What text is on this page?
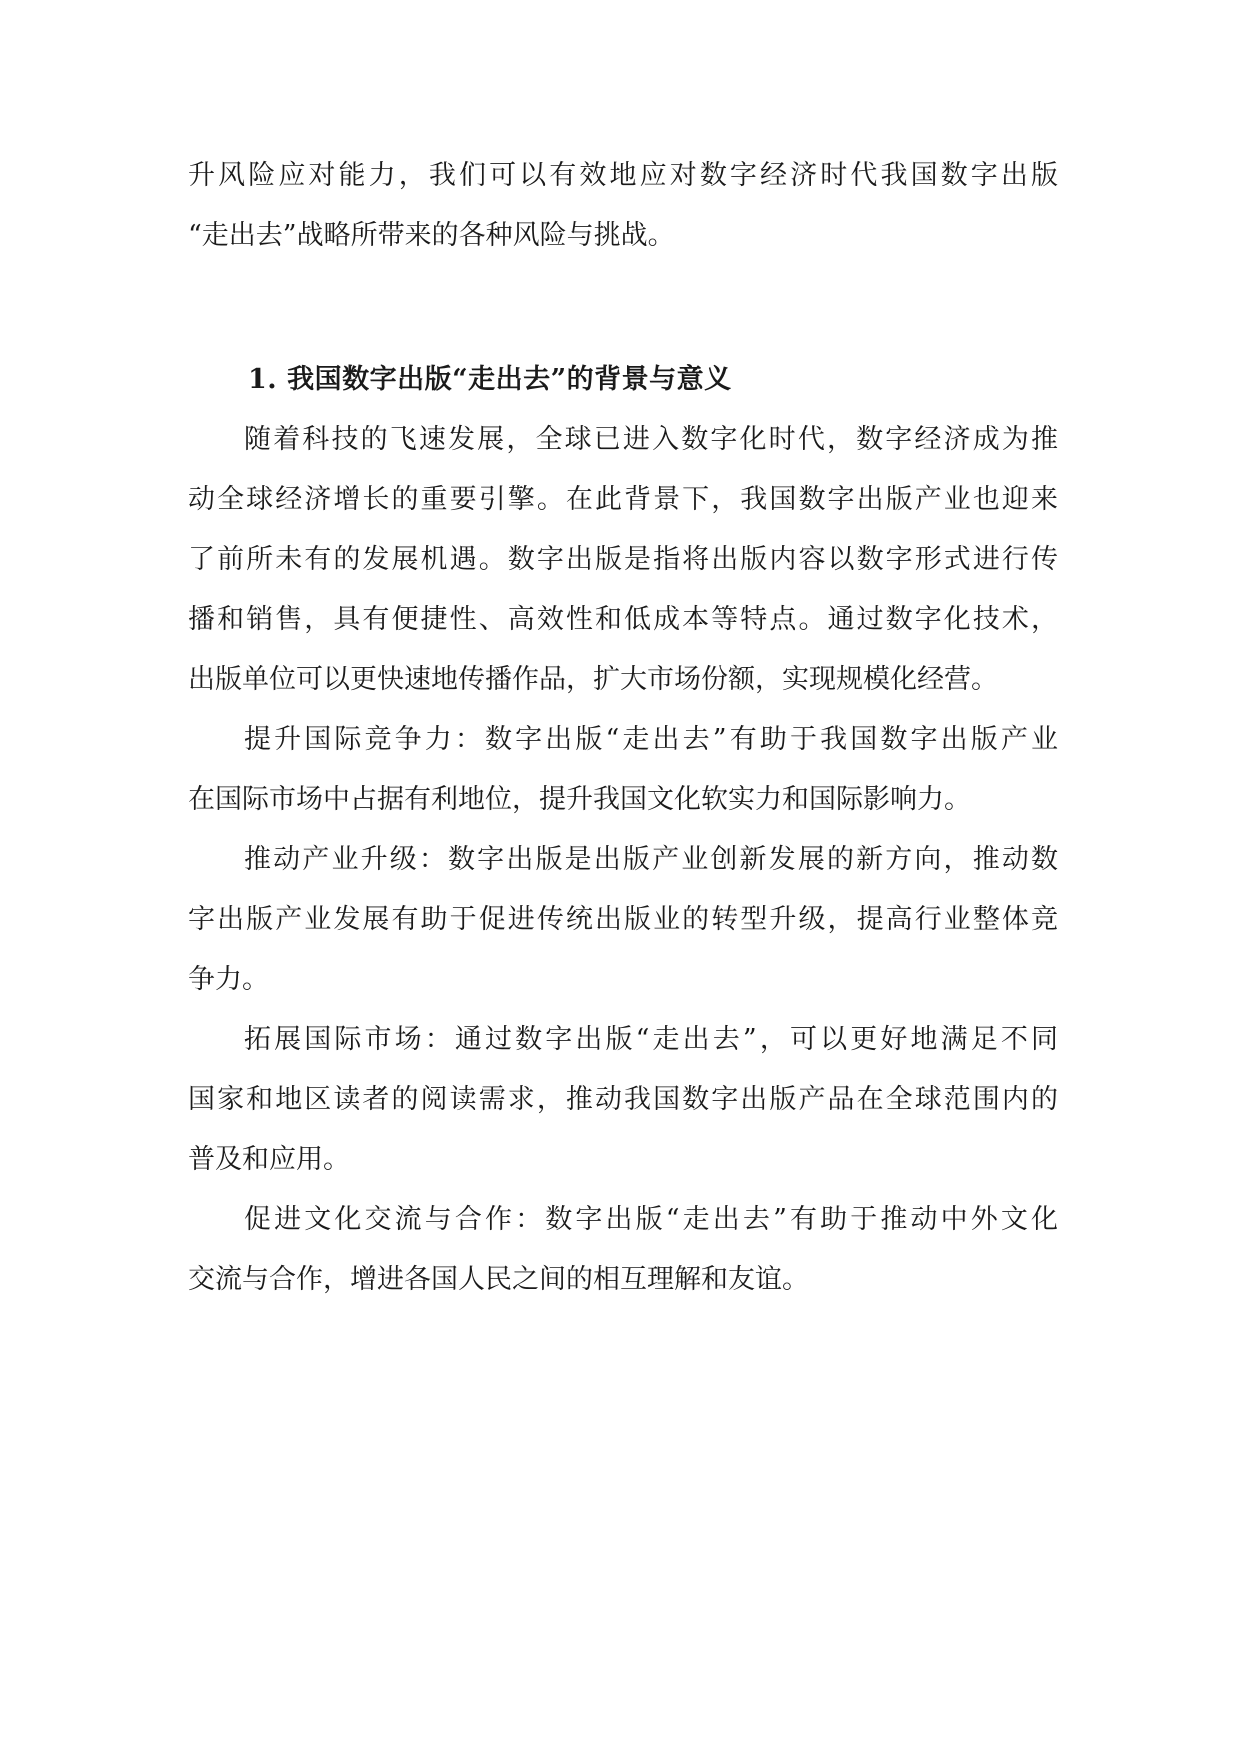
升风险应对能力，我们可以有效地应对数字经济时代我国数字出版
“走出去”战略所带来的各种风险与挑战。
1. 我国数字出版“走出去”的背景与意义
随着科技的飞速发展，全球已进入数字化时代，数字经济成为推
动全球经济增长的重要引擎。在此背景下，我国数字出版产业也迎来
了前所未有的发展机遇。数字出版是指将出版内容以数字形式进行传
播和销售，具有便捷性、高效性和低成本等特点。通过数字化技术，
出版单位可以更快速地传播作品，扩大市场份额，实现规模化经营。
提升国际竞争力：数字出版“走出去”有助于我国数字出版产业
在国际市场中占据有利地位，提升我国文化软实力和国际影响力。
推动产业升级：数字出版是出版产业创新发展的新方向，推动数
字出版产业发展有助于促进传统出版业的转型升级，提高行业整体竞
争力。
拓展国际市场：通过数字出版“走出去”，可以更好地满足不同
国家和地区读者的阅读需求，推动我国数字出版产品在全球范围内的
普及和应用。
促进文化交流与合作：数字出版“走出去”有助于推动中外文化
交流与合作，增进各国人民之间的相互理解和友谊。
